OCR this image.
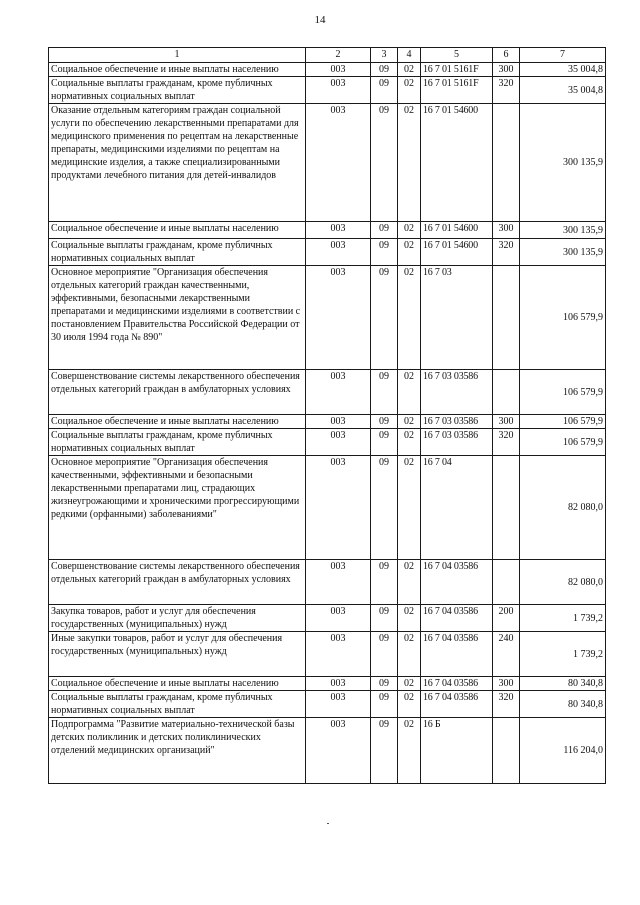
14
1	2	3	4	5	6	7
Социальное обеспечение и иные выплаты населению	003	09	02	16 7 01 5161F	300	35 004,8
Социальные выплаты гражданам, кроме публичных нормативных социальных выплат	003	09	02	16 7 01 5161F	320	35 004,8
Оказание отдельным категориям граждан социальной услуги по обеспечению лекарственными препаратами для медицинского применения по рецептам на лекарственные препараты, медицинскими изделиями по рецептам на медицинские изделия, а также специализированными продуктами лечебного питания для детей-инвалидов	003	09	02	16 7 01 54600		300 135,9
Социальное обеспечение и иные выплаты населению	003	09	02	16 7 01 54600	300	300 135,9
Социальные выплаты гражданам, кроме публичных нормативных социальных выплат	003	09	02	16 7 01 54600	320	300 135,9
Основное мероприятие "Организация обеспечения отдельных категорий граждан качественными, эффективными, безопасными лекарственными препаратами и медицинскими изделиями в соответствии с постановлением Правительства Российской Федерации от 30 июля 1994 года № 890"	003	09	02	16 7 03		106 579,9
Совершенствование системы лекарственного обеспечения отдельных категорий граждан в амбулаторных условиях	003	09	02	16 7 03 03586		106 579,9
Социальное обеспечение и иные выплаты населению	003	09	02	16 7 03 03586	300	106 579,9
Социальные выплаты гражданам, кроме публичных нормативных социальных выплат	003	09	02	16 7 03 03586	320	106 579,9
Основное мероприятие "Организация обеспечения качественными, эффективными и безопасными лекарственными препаратами лиц, страдающих жизнеугрожающими и хроническими прогрессирующими редкими (орфанными) заболеваниями"	003	09	02	16 7 04		82 080,0
Совершенствование системы лекарственного обеспечения отдельных категорий граждан в амбулаторных условиях	003	09	02	16 7 04 03586		82 080,0
Закупка товаров, работ и услуг для обеспечения государственных (муниципальных) нужд	003	09	02	16 7 04 03586	200	1 739,2
Иные закупки товаров, работ и услуг для обеспечения государственных (муниципальных) нужд	003	09	02	16 7 04 03586	240	1 739,2
Социальное обеспечение и иные выплаты населению	003	09	02	16 7 04 03586	300	80 340,8
Социальные выплаты гражданам, кроме публичных нормативных социальных выплат	003	09	02	16 7 04 03586	320	80 340,8
Подпрограмма "Развитие материально-технической базы детских поликлиник и детских поликлинических отделений медицинских организаций"	003	09	02	16 Б		116 204,0
